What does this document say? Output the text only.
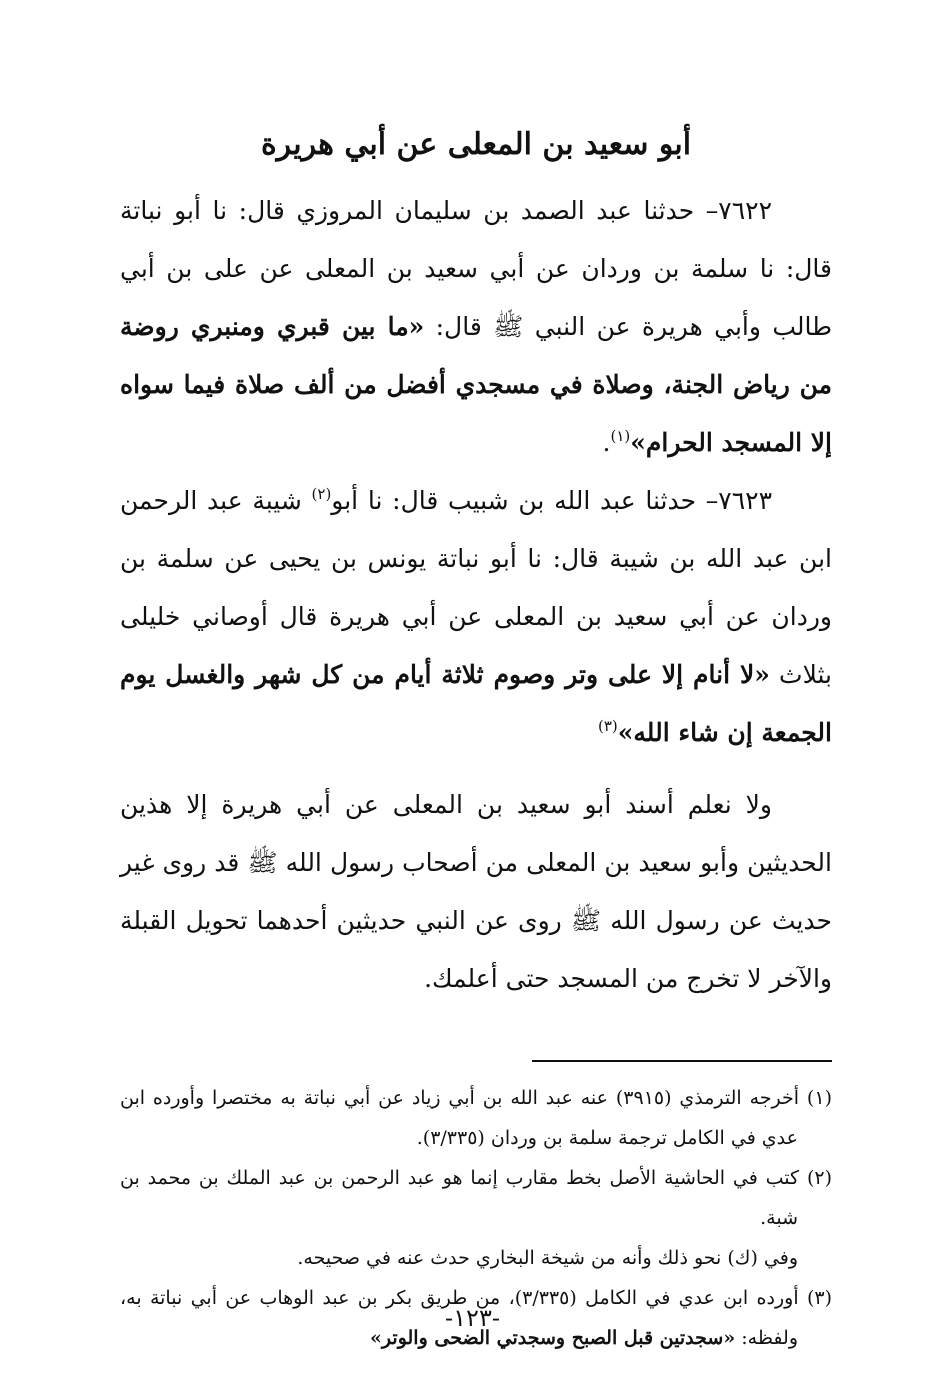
أبو سعيد بن المعلى عن أبي هريرة

٧٦٢٢– حدثنا عبد الصمد بن سليمان المروزي قال: نا أبو نباتة قال: نا سلمة بن وردان عن أبي سعيد بن المعلى عن على بن أبي طالب وأبي هريرة عن النبي ﷺ قال: «ما بين قبري ومنبري روضة من رياض الجنة، وصلاة في مسجدي أفضل من ألف صلاة فيما سواه إلا المسجد الحرام»$^{(١)}$.

٧٦٢٣– حدثنا عبد الله بن شبيب قال: نا أبو$^{(٢)}$ شيبة عبد الرحمن ابن عبد الله بن شيبة قال: نا أبو نباتة يونس بن يحيى عن سلمة بن وردان عن أبي سعيد بن المعلى عن أبي هريرة قال أوصاني خليلى بثلاث «لا أنام إلا على وتر وصوم ثلاثة أيام من كل شهر والغسل يوم الجمعة إن شاء الله»$^{(٣)}$

ولا نعلم أسند أبو سعيد بن المعلى عن أبي هريرة إلا هذين الحديثين وأبو سعيد بن المعلى من أصحاب رسول الله ﷺ قد روى غير حديث عن رسول الله ﷺ روى عن النبي حديثين أحدهما تحويل القبلة والآخر لا تخرج من المسجد حتى أعلمك.

(١) أخرجه الترمذي (٣٩١٥) عنه عبد الله بن أبي زياد عن أبي نباتة به مختصرا وأورده ابن عدي في الكامل ترجمة سلمة بن وردان (٣/٣٣٥).

(٢) كتب في الحاشية الأصل بخط مقارب إنما هو عبد الرحمن بن عبد الملك بن محمد بن شبة.

وفي (ك) نحو ذلك وأنه من شيخة البخاري حدث عنه في صحيحه.

(٣) أورده ابن عدي في الكامل (٣/٣٣٥)، من طريق بكر بن عبد الوهاب عن أبي نباتة به، ولفظه: «سجدتين قبل الصبح وسجدتي الضحى والوتر»

-١٢٣-
